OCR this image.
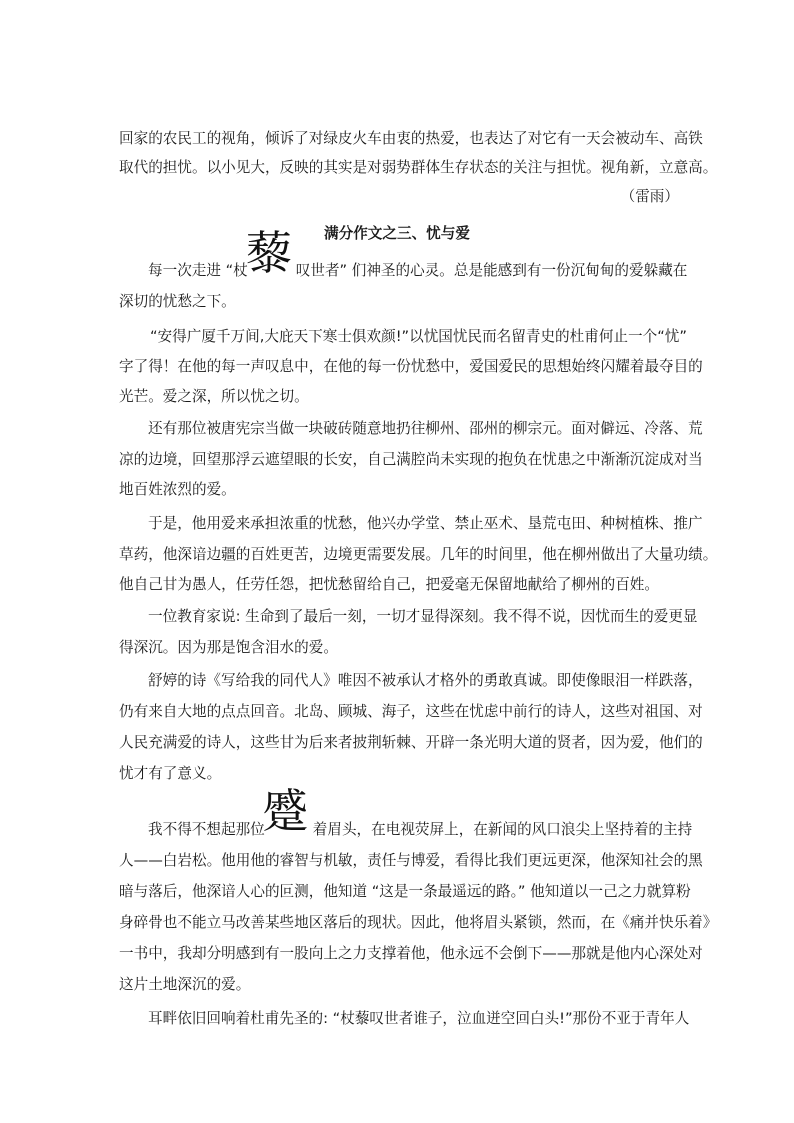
回家的农民工的视角，倾诉了对绿皮火车由衷的热爱，也表达了对它有一天会被动车、高铁
取代的担忧。以小见大，反映的其实是对弱势群体生存状态的关注与担忧。视角新，立意高。
（雷雨）
满分作文之三、忧与爱
每一次走进 “杖	叹世者” 们神圣的心灵。总是能感到有一份沉甸甸的爱躲藏在
藜
深切的忧愁之下。
“安得广厦千万间,大庇天下寒士俱欢颜!”以忧国忧民而名留青史的杜甫何止一个“忧”
字了得！在他的每一声叹息中，在他的每一份忧愁中，爱国爱民的思想始终闪耀着最夺目的
光芒。爱之深，所以忧之切。
还有那位被唐宪宗当做一块破砖随意地扔往柳州、邵州的柳宗元。面对僻远、冷落、荒
凉的边境，回望那浮云遮望眼的长安，自己满腔尚未实现的抱负在忧患之中渐渐沉淀成对当
地百姓浓烈的爱。
于是，他用爱来承担浓重的忧愁，他兴办学堂、禁止巫术、垦荒屯田、种树植株、推广
草药，他深谙边疆的百姓更苦，边境更需要发展。几年的时间里，他在柳州做出了大量功绩。
他自己甘为愚人，任劳任怨，把忧愁留给自己，把爱毫无保留地献给了柳州的百姓。
一位教育家说: 生命到了最后一刻，一切才显得深刻。我不得不说，因忧而生的爱更显
得深沉。因为那是饱含泪水的爱。
舒婷的诗《写给我的同代人》唯因不被承认才格外的勇敢真诚。即使像眼泪一样跌落，
仍有来自大地的点点回音。北岛、顾城、海子，这些在忧虑中前行的诗人，这些对祖国、对
人民充满爱的诗人，这些甘为后来者披荆斩棘、开辟一条光明大道的贤者，因为爱，他们的
忧才有了意义。
蹙
我不得不想起那位	着眉头，在电视荧屏上，在新闻的风口浪尖上坚持着的主持
人——白岩松。他用他的睿智与机敏，责任与博爱，看得比我们更远更深，他深知社会的黑
暗与落后，他深谙人心的叵测，他知道 “这是一条最遥远的路。” 他知道以一己之力就算粉
身碎骨也不能立马改善某些地区落后的现状。因此，他将眉头紧锁，然而，在《痛并快乐着》
一书中，我却分明感到有一股向上之力支撑着他，他永远不会倒下——那就是他内心深处对
这片土地深沉的爱。
耳畔依旧回响着杜甫先圣的: “杖藜叹世者谁子，泣血迸空回白头!”那份不亚于青年人
